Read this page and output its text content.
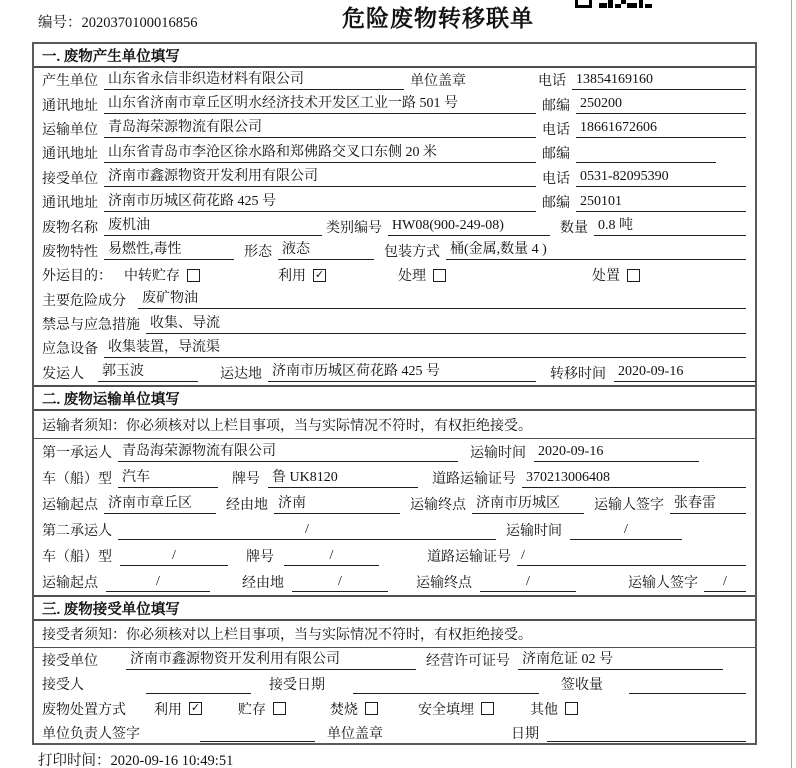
编号：2020370100016856	危险废物转移联单
一. 废物产生单位填写
产生单位 山东省永信非织造材料有限公司	单位盖章	电话 13854169160
通讯地址 山东省济南市章丘区明水经济技术开发区工业一路 501 号	邮编 250200
运输单位 青岛海荣源物流有限公司	电话 18661672606
通讯地址 山东省青岛市李沧区徐水路和郑佛路交叉口东侧 20 米	邮编
接受单位 济南市鑫源物资开发利用有限公司	电话 0531-82095390
通讯地址 济南市历城区荷花路 425 号	邮编 250101
废物名称 废机油	类别编号 HW08(900-249-08)	数量 0.8 吨
废物特性 易燃性,毒性	形态 液态	包装方式 桶(金属,数量 4 )
外运目的： 中转贮存	利用 ✓	处理	处置
主要危险成分 废矿物油
禁忌与应急措施 收集、导流
应急设备 收集装置，导流渠
发运人 郭玉波	运达地 济南市历城区荷花路 425 号	转移时间 2020-09-16
二. 废物运输单位填写
运输者须知：你必须核对以上栏目事项，当与实际情况不符时，有权拒绝接受。
第一承运人 青岛海荣源物流有限公司	运输时间 2020-09-16
车（船）型 汽车	牌号 鲁 UK8120	道路运输证号 370213006408
运输起点 济南市章丘区	经由地 济南	运输终点 济南市历城区	运输人签字 张春雷
第二承运人	/	运输时间	/
车（船）型	/	牌号	/	道路运输证号 /
运输起点	/	经由地	/	运输终点	/	运输人签字	/
三. 废物接受单位填写
接受者须知：你必须核对以上栏目事项，当与实际情况不符时，有权拒绝接受。
接受单位 济南市鑫源物资开发利用有限公司	经营许可证号 济南危证 02 号
接受人	接受日期	签收量
废物处置方式 利用 ✓	贮存	焚烧	安全填埋	其他
单位负责人签字	单位盖章	日期
打印时间：2020-09-16 10:49:51
